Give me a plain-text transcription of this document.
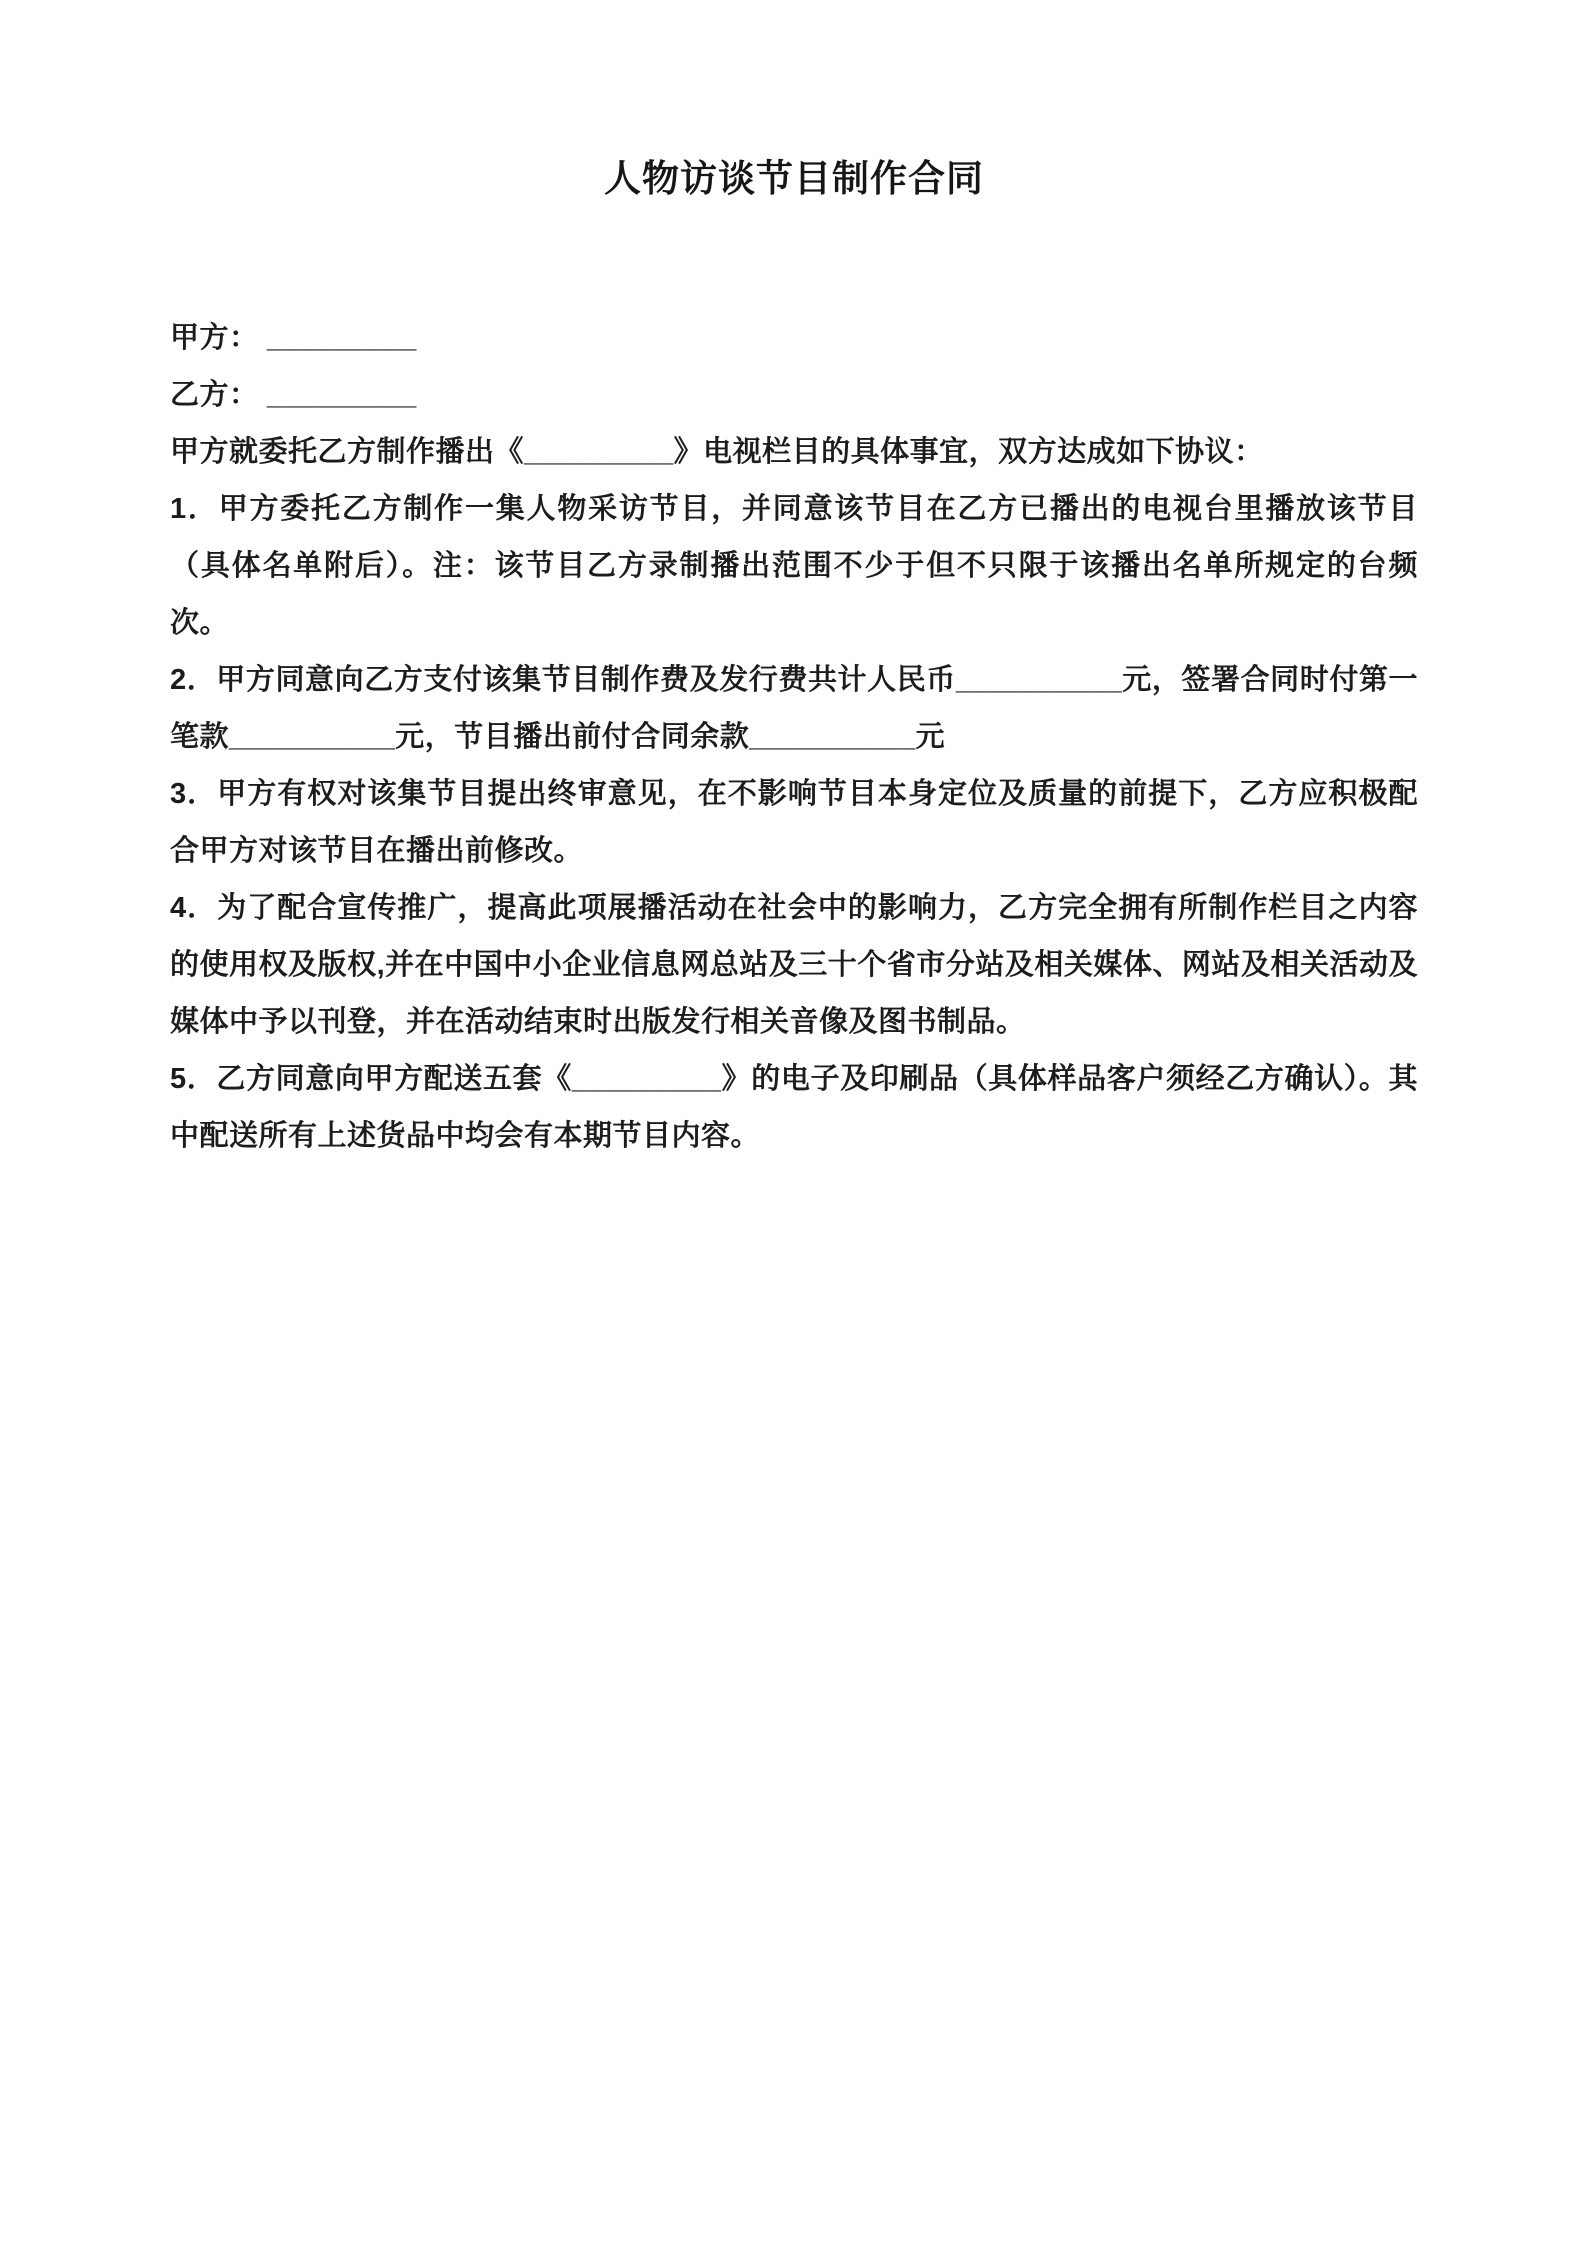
人物访谈节目制作合同

甲方： _________

乙方： _________

甲方就委托乙方制作播出《_________》电视栏目的具体事宜，双方达成如下协议：

1．甲方委托乙方制作一集人物采访节目，并同意该节目在乙方已播出的电视台里播放该节目（具体名单附后）。注：该节目乙方录制播出范围不少于但不只限于该播出名单所规定的台频次。

2．甲方同意向乙方支付该集节目制作费及发行费共计人民币__________元，签署合同时付第一笔款__________元，节目播出前付合同余款__________元

3．甲方有权对该集节目提出终审意见，在不影响节目本身定位及质量的前提下，乙方应积极配合甲方对该节目在播出前修改。

4．为了配合宣传推广，提高此项展播活动在社会中的影响力，乙方完全拥有所制作栏目之内容的使用权及版权,并在中国中小企业信息网总站及三十个省市分站及相关媒体、网站及相关活动及媒体中予以刊登，并在活动结束时出版发行相关音像及图书制品。

5．乙方同意向甲方配送五套《_________》的电子及印刷品（具体样品客户须经乙方确认）。其中配送所有上述货品中均会有本期节目内容。
